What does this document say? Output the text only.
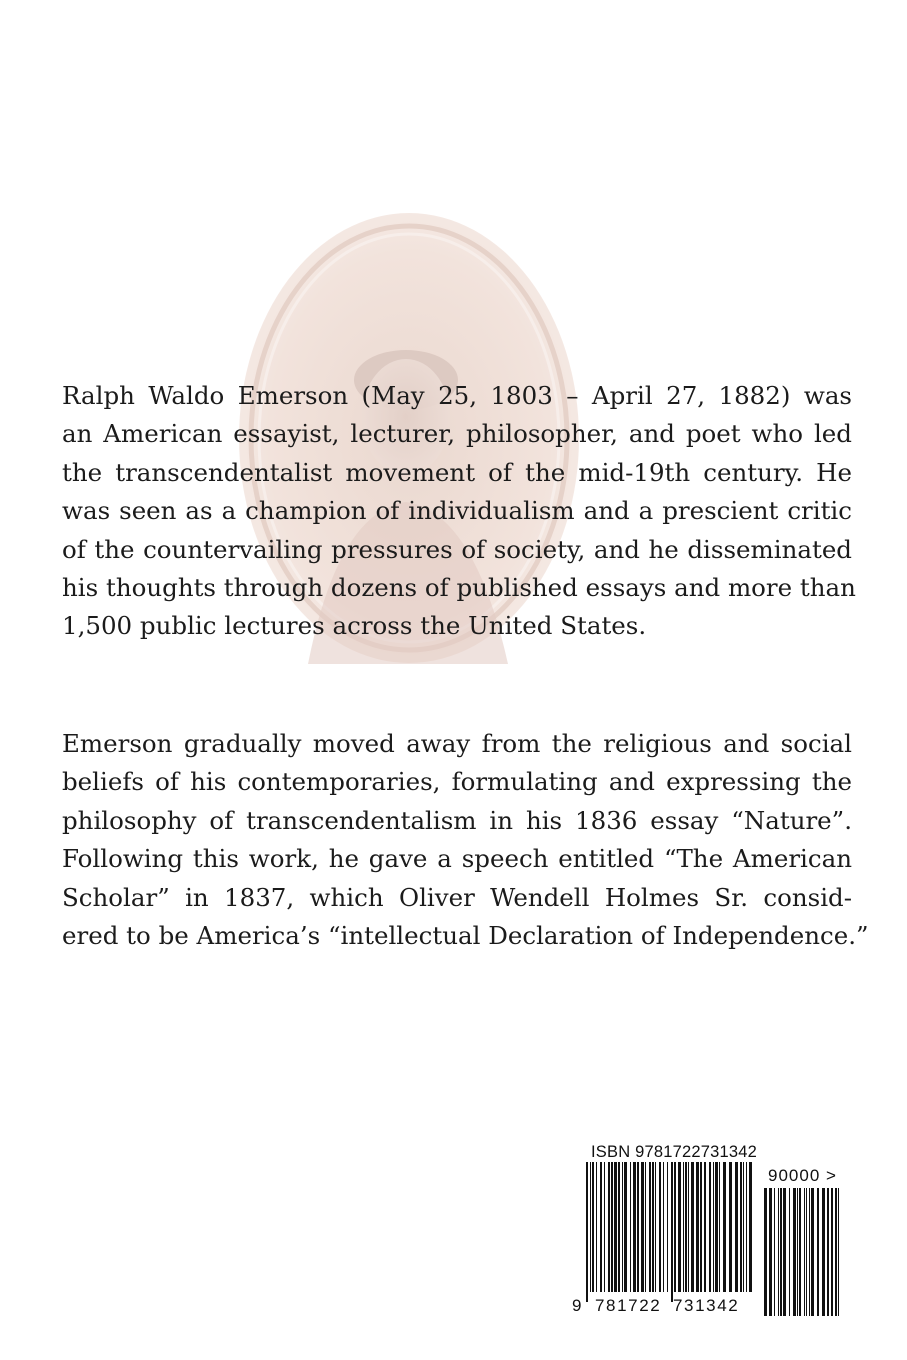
Ralph Waldo Emerson (May 25, 1803 – April 27, 1882) was
an American essayist, lecturer, philosopher, and poet who led
the transcendentalist movement of the mid-19th century. He
was seen as a champion of individualism and a prescient critic
of the countervailing pressures of society, and he disseminated
his thoughts through dozens of published essays and more than
1,500 public lectures across the United States.
Emerson gradually moved away from the religious and social
beliefs of his contemporaries, formulating and expressing the
philosophy of transcendentalism in his 1836 essay “Nature”.
Following this work, he gave a speech entitled “The American
Scholar” in 1837, which Oliver Wendell Holmes Sr. consid-
ered to be America’s “intellectual Declaration of Independence.”
ISBN 9781722731342
90000 >
9 781722 731342
